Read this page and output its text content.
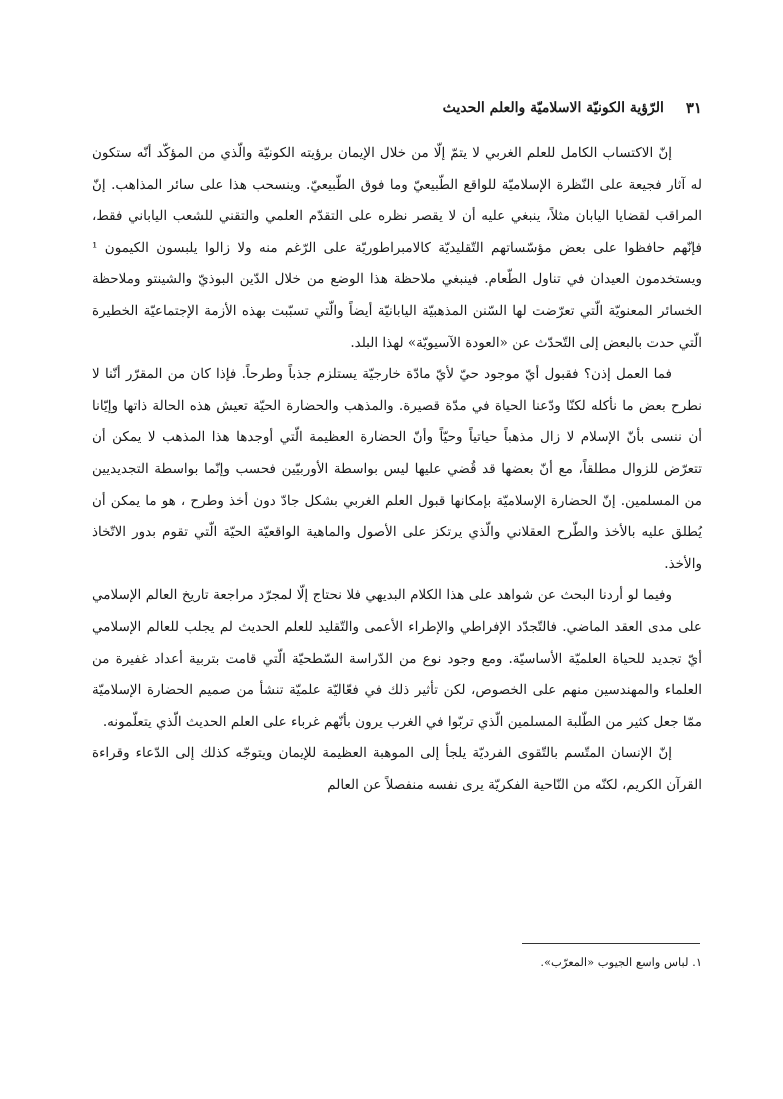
٣١
الرّؤية الكونيّة الاسلاميّة والعلم الحديث

إنّ الاكتساب الكامل للعلم الغربي لا يتمّ إلّا من خلال الإيمان برؤيته الكونيّة والّذي من المؤكّد أنّه ستكون له آثار فجيعة على النّظرة الإسلاميّة للواقع الطّبيعيّ وما فوق الطّبيعيّ. وينسحب هذا على سائر المذاهب. إنّ المراقب لقضايا اليابان مثلاً، ينبغي عليه أن لا يقصر نظره على التقدّم العلمي والتقني للشعب الياباني فقط، فإنّهم حافظوا على بعض مؤسّساتهم التّقليديّة كالامبراطوريّة على الرّغم منه ولا زالوا يلبسون الكيمون ¹ ويستخدمون العيدان في تناول الطّعام. فينبغي ملاحظة هذا الوضع من خلال الدّين البوذيّ والشينتو وملاحظة الخسائر المعنويّة الّتي تعرّضت لها السّنن المذهبيّة اليابانيّة أيضاً والّتي تسبّبت بهذه الأزمة الإجتماعيّة الخطيرة الّتي حدت بالبعض إلى التّحدّث عن «العودة الآسيويّة» لهذا البلد.

فما العمل إذن؟ فقبول أيّ موجود حيّ لأيّ مادّة خارجيّة يستلزم جذباً وطرحاً. فإذا كان من المقرّر أنّنا لا نطرح بعض ما نأكله لكنّا ودّعنا الحياة في مدّة قصيرة. والمذهب والحضارة الحيّة تعيش هذه الحالة ذاتها وإيّانا أن ننسى بأنّ الإسلام لا زال مذهباً حياتياً وحيّاً وأنّ الحضارة العظيمة الّتي أوجدها هذا المذهب لا يمكن أن تتعرّض للزوال مطلقاً، مع أنّ بعضها قد قُضي عليها ليس بواسطة الأوربيّين فحسب وإنّما بواسطة التجديديين من المسلمين. إنّ الحضارة الإسلاميّة بإمكانها قبول العلم الغربي بشكل جادّ دون أخذ وطرح ، هو ما يمكن أن يُطلق عليه بالأخذ والطّرح العقلاني والّذي يرتكز على الأصول والماهية الواقعيّة الحيّة الّتي تقوم بدور الاتّخاذ والأخذ.

وفيما لو أردنا البحث عن شواهد على هذا الكلام البديهي فلا نحتاج إلّا لمجرّد مراجعة تاريخ العالم الإسلامي على مدى العقد الماضي. فالتّجدّد الإفراطي والإطراء الأعمى والتّقليد للعلم الحديث لم يجلب للعالم الإسلامي أيّ تجديد للحياة العلميّة الأساسيّة. ومع وجود نوع من الدّراسة السّطحيّة الّتي قامت بتربية أعداد غفيرة من العلماء والمهندسين منهم على الخصوص، لكن تأثير ذلك في فعّاليّة علميّة تنشأ من صميم الحضارة الإسلاميّة ممّا جعل كثير من الطّلبة المسلمين الّذي تربّوا في الغرب يرون بأنّهم غرباء على العلم الحديث الّذي يتعلّمونه.

إنّ الإنسان المتّسم بالتّقوى الفرديّة يلجأ إلى الموهبة العظيمة للإيمان ويتوجّه كذلك إلى الدّعاء وقراءة القرآن الكريم، لكنّه من النّاحية الفكريّة يرى نفسه منفصلاً عن العالم

١. لباس واسع الجيوب «المعرّب».
